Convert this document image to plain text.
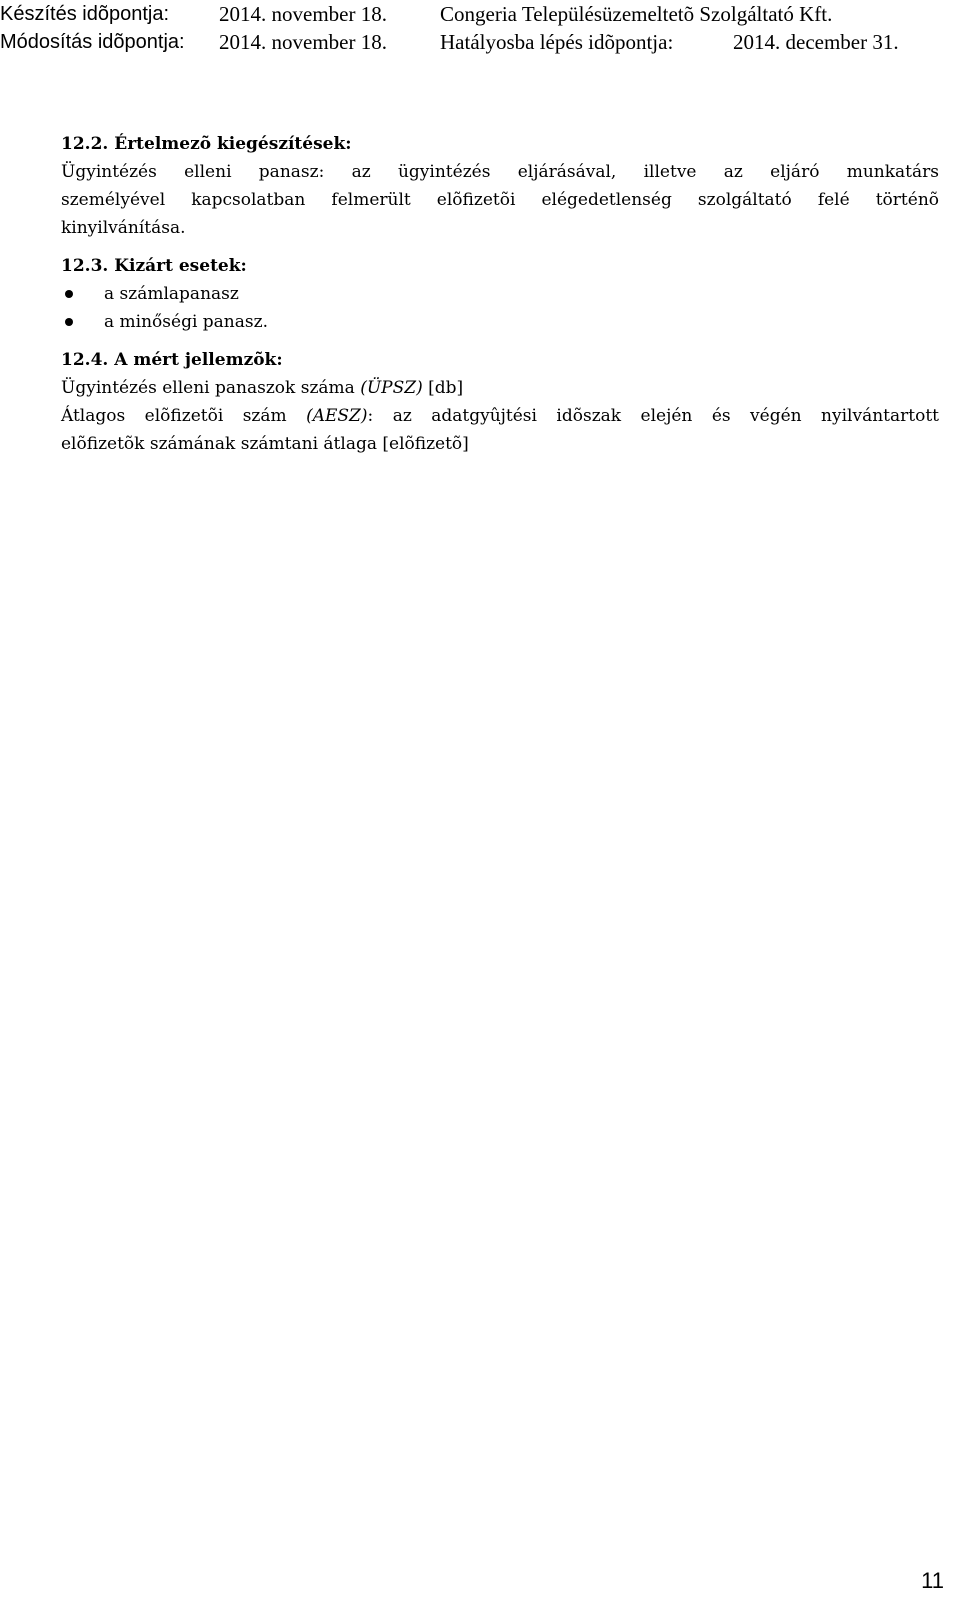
Készítés idõpontja: 2014. november 18.	Congeria Településüzemeltetõ Szolgáltató Kft.
Módosítás idõpontja: 2014. november 18.	Hatályosba lépés idõpontja:	2014. december 31.
12.2. Értelmezõ kiegészítések:
Ügyintézés elleni panasz: az ügyintézés eljárásával, illetve az eljáró munkatárs
személyével kapcsolatban felmerült elõfizetõi elégedetlenség szolgáltató felé történõ
kinyilvánítása.
12.3. Kizárt esetek:
a számlapanasz
a minőségi panasz.
12.4. A mért jellemzõk:
Ügyintézés elleni panaszok száma (ÜPSZ) [db]
Átlagos elõfizetõi szám (AESZ): az adatgyûjtési idõszak elején és végén nyilvántartott
elõfizetõk számának számtani átlaga [elõfizetõ]
11
